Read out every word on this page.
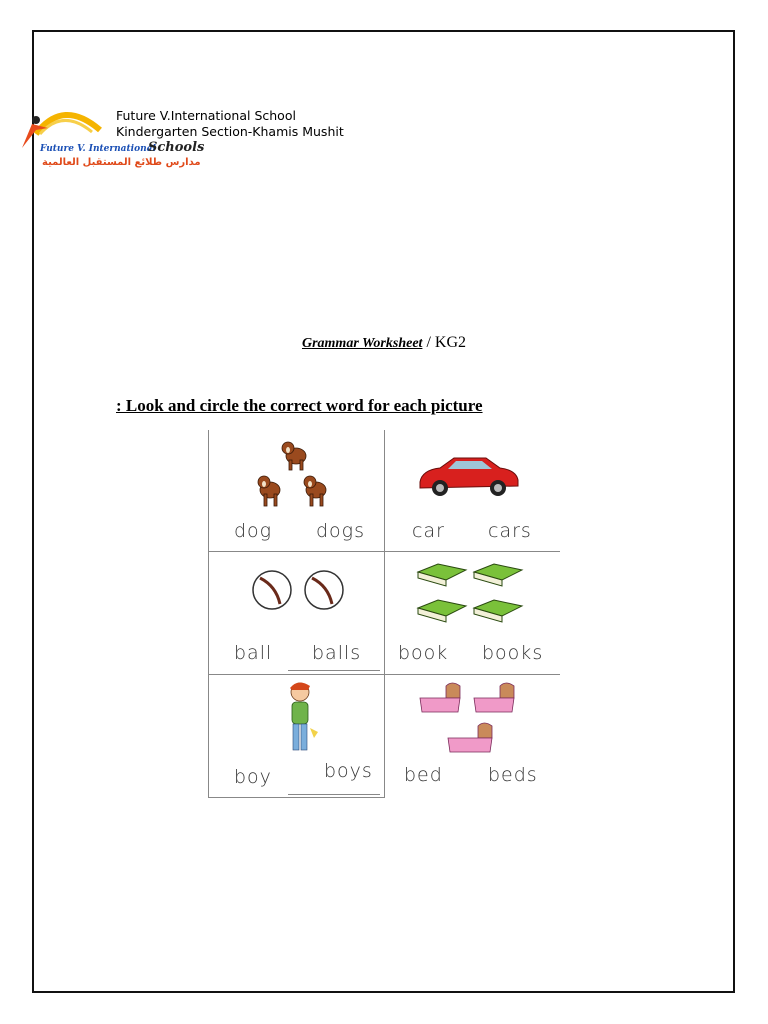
Future V. International
Schools
مدارس طلائع المستقبل العالمية
Future V.International School
Kindergarten Section-Khamis Mushit
Grammar Worksheet / KG2
: Look and circle the correct word for each picture
dog dogs car cars
ball balls book books
boy	boys bed beds
